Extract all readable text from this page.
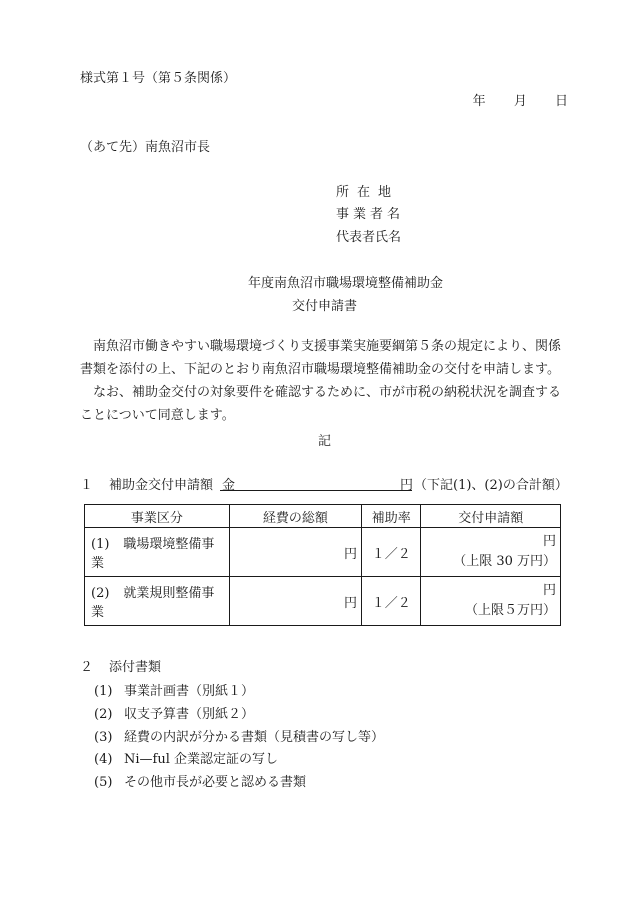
様式第１号（第５条関係）
年 月 日
（あて先）南魚沼市長
所在地
事業者名
代表者氏名
年度南魚沼市職場環境整備補助金
交付申請書
南魚沼市働きやすい職場環境づくり支援事業実施要綱第５条の規定により、関係書類を添付の上、下記のとおり南魚沼市職場環境整備補助金の交付を申請します。
なお、補助金交付の対象要件を確認するために、市が市税の納税状況を調査することについて同意します。
記
１ 補助金交付申請額 金	円 （下記(1)、(2)の合計額）
事業区分	経費の総額	補助率	交付申請額
(1) 職場環境整備事業	円	１／２	円
（上限 30 万円）

(2) 就業規則整備事業	円	１／２	円
（上限５万円）
２ 添付書類
(1) 事業計画書（別紙１）
(2) 収支予算書（別紙２）
(3) 経費の内訳が分かる書類（見積書の写し等）
(4) Ni—ful 企業認定証の写し
(5) その他市長が必要と認める書類
